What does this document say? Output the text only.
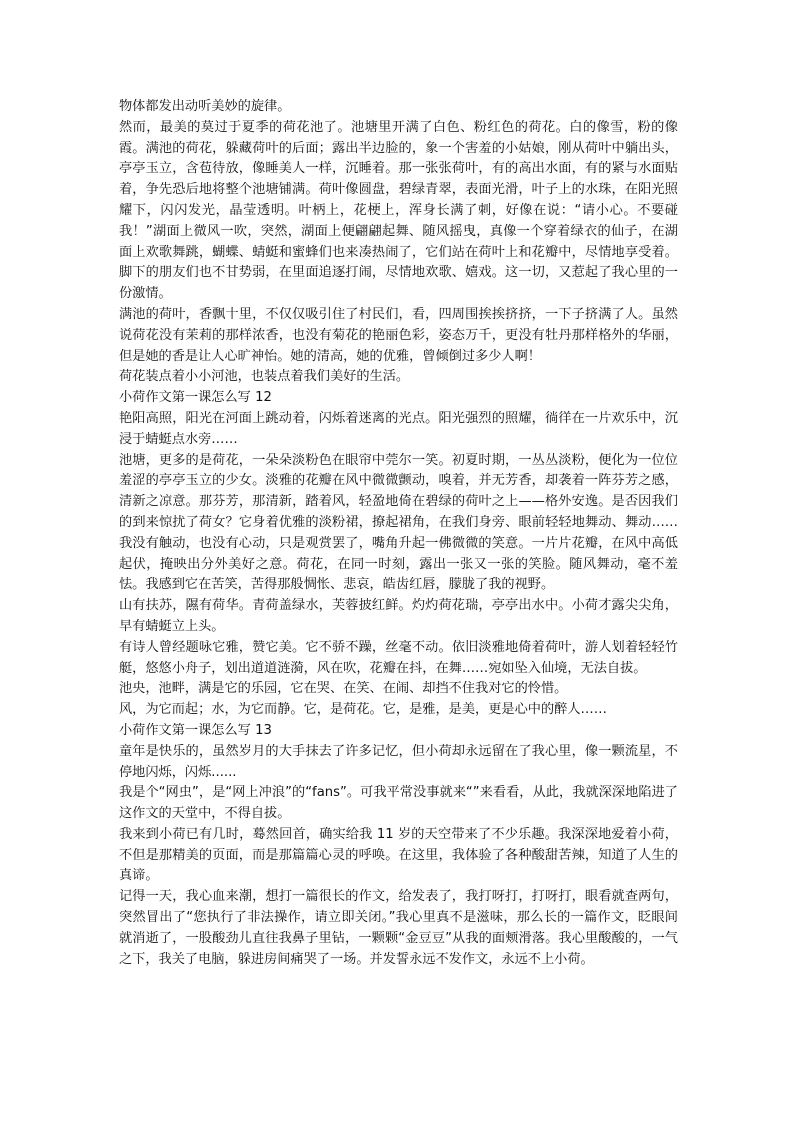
物体都发出动听美妙的旋律。

然而，最美的莫过于夏季的荷花池了。池塘里开满了白色、粉红色的荷花。白的像雪，粉的像霞。满池的荷花，躲藏荷叶的后面；露出半边脸的，象一个害羞的小姑娘，刚从荷叶中躺出头，亭亭玉立，含苞待放，像睡美人一样，沉睡着。那一张张荷叶，有的高出水面，有的紧与水面贴着，争先恐后地将整个池塘铺满。荷叶像圆盘，碧绿青翠，表面光滑，叶子上的水珠，在阳光照耀下，闪闪发光，晶莹透明。叶柄上，花梗上，浑身长满了刺，好像在说：“请小心。不要碰我！”湖面上微风一吹，突然，湖面上便翩翩起舞、随风摇曳，真像一个穿着绿衣的仙子，在湖面上欢歌舞跳，蝴蝶、蜻蜓和蜜蜂们也来凑热闹了，它们站在荷叶上和花瓣中，尽情地享受着。脚下的朋友们也不甘势弱，在里面追逐打闹，尽情地欢歌、嬉戏。这一切，又惹起了我心里的一份激情。

满池的荷叶，香飘十里，不仅仅吸引住了村民们，看，四周围挨挨挤挤，一下子挤满了人。虽然说荷花没有茉莉的那样浓香，也没有菊花的艳丽色彩，姿态万千，更没有牡丹那样格外的华丽，但是她的香是让人心旷神怡。她的清高，她的优雅，曾倾倒过多少人啊！

荷花装点着小小河池，也装点着我们美好的生活。

小荷作文第一课怎么写 12

艳阳高照，阳光在河面上跳动着，闪烁着迷离的光点。阳光强烈的照耀，徜徉在一片欢乐中，沉浸于蜻蜓点水旁……

池塘，更多的是荷花，一朵朵淡粉色在眼帘中莞尔一笑。初夏时期，一丛丛淡粉，便化为一位位羞涩的亭亭玉立的少女。淡雅的花瓣在风中微微颤动，嗅着，并无芳香，却袭着一阵芬芳之感，清新之凉意。那芬芳，那清新，踏着风，轻盈地倚在碧绿的荷叶之上——格外安逸。是否因我们的到来惊扰了荷女？它身着优雅的淡粉裙，撩起裙角，在我们身旁、眼前轻轻地舞动、舞动……我没有触动，也没有心动，只是观赏罢了，嘴角升起一佛微微的笑意。一片片花瓣，在风中高低起伏，掩映出分外美好之意。荷花，在同一时刻，露出一张又一张的笑脸。随风舞动，毫不羞怯。我感到它在苦笑，苦得那般惆怅、悲哀，皓齿红唇，朦胧了我的视野。

山有扶苏，隰有荷华。青荷盖绿水，芙蓉披红鲜。灼灼荷花瑞，亭亭出水中。小荷才露尖尖角，早有蜻蜓立上头。

有诗人曾经题咏它雅，赞它美。它不骄不躁，丝毫不动。依旧淡雅地倚着荷叶，游人划着轻轻竹艇，悠悠小舟子，划出道道涟漪，风在吹，花瓣在抖，在舞……宛如坠入仙境，无法自拔。

池央，池畔，满是它的乐园，它在哭、在笑、在闹、却挡不住我对它的怜惜。

风，为它而起；水，为它而静。它，是荷花。它，是雅，是美，更是心中的醉人……

小荷作文第一课怎么写 13

童年是快乐的，虽然岁月的大手抹去了许多记忆，但小荷却永远留在了我心里，像一颗流星，不停地闪烁，闪烁......

我是个“网虫”，是“网上冲浪”的“fans”。可我平常没事就来“”来看看，从此，我就深深地陷进了这作文的天堂中，不得自拔。

我来到小荷已有几时，蓦然回首，确实给我 11 岁的天空带来了不少乐趣。我深深地爱着小荷，不但是那精美的页面，而是那篇篇心灵的呼唤。在这里，我体验了各种酸甜苦辣，知道了人生的真谛。

记得一天，我心血来潮，想打一篇很长的作文，给发表了，我打呀打，打呀打，眼看就查两句，突然冒出了“您执行了非法操作，请立即关闭。”我心里真不是滋味，那么长的一篇作文，眨眼间就消逝了，一股酸劲儿直往我鼻子里钻，一颗颗“金豆豆”从我的面颊滑落。我心里酸酸的，一气之下，我关了电脑，躲进房间痛哭了一场。并发誓永远不发作文，永远不上小荷。
